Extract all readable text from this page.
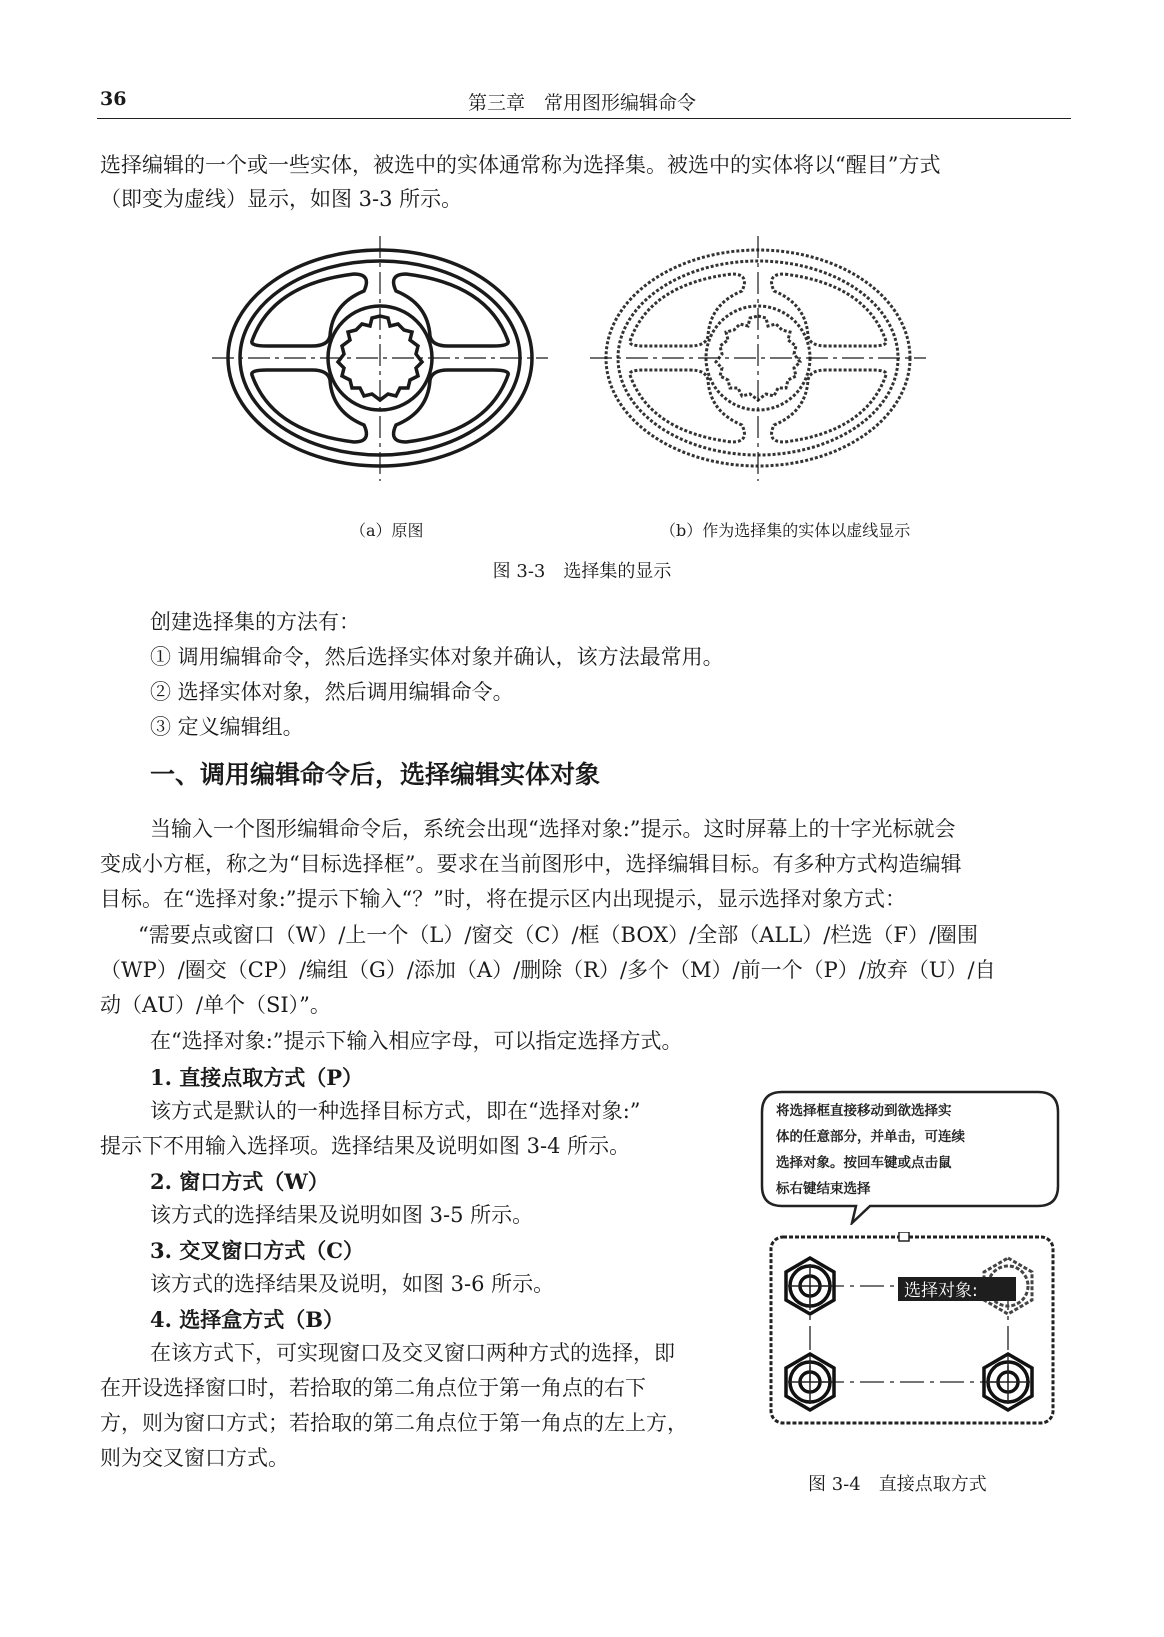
36	第三章　常用图形编辑命令
选择编辑的一个或一些实体，被选中的实体通常称为选择集。被选中的实体将以“醒目”方式
（即变为虚线）显示，如图 3-3 所示。
（a）原图	（b）作为选择集的实体以虚线显示
图 3-3　选择集的显示
创建选择集的方法有：
① 调用编辑命令，然后选择实体对象并确认，该方法最常用。
② 选择实体对象，然后调用编辑命令。
③ 定义编辑组。
一、调用编辑命令后，选择编辑实体对象
当输入一个图形编辑命令后，系统会出现“选择对象:”提示。这时屏幕上的十字光标就会
变成小方框，称之为“目标选择框”。要求在当前图形中，选择编辑目标。有多种方式构造编辑
目标。在“选择对象:”提示下输入“？”时，将在提示区内出现提示，显示选择对象方式：
“需要点或窗口（W）/上一个（L）/窗交（C）/框（BOX）/全部（ALL）/栏选（F）/圈围
（WP）/圈交（CP）/编组（G）/添加（A）/删除（R）/多个（M）/前一个（P）/放弃（U）/自
动（AU）/单个（SI）”。
在“选择对象:”提示下输入相应字母，可以指定选择方式。
1. 直接点取方式（P）
该方式是默认的一种选择目标方式，即在“选择对象:”
提示下不用输入选择项。选择结果及说明如图 3-4 所示。
2. 窗口方式（W）
该方式的选择结果及说明如图 3-5 所示。
3. 交叉窗口方式（C）
该方式的选择结果及说明，如图 3-6 所示。
4. 选择盒方式（B）
在该方式下，可实现窗口及交叉窗口两种方式的选择，即
在开设选择窗口时，若拾取的第二角点位于第一角点的右下
方，则为窗口方式；若拾取的第二角点位于第一角点的左上方，
则为交叉窗口方式。
将选择框直接移动到欲选择实
体的任意部分，并单击，可连续
选择对象。按回车键或点击鼠
标右键结束选择
选择对象:
图 3-4　直接点取方式
